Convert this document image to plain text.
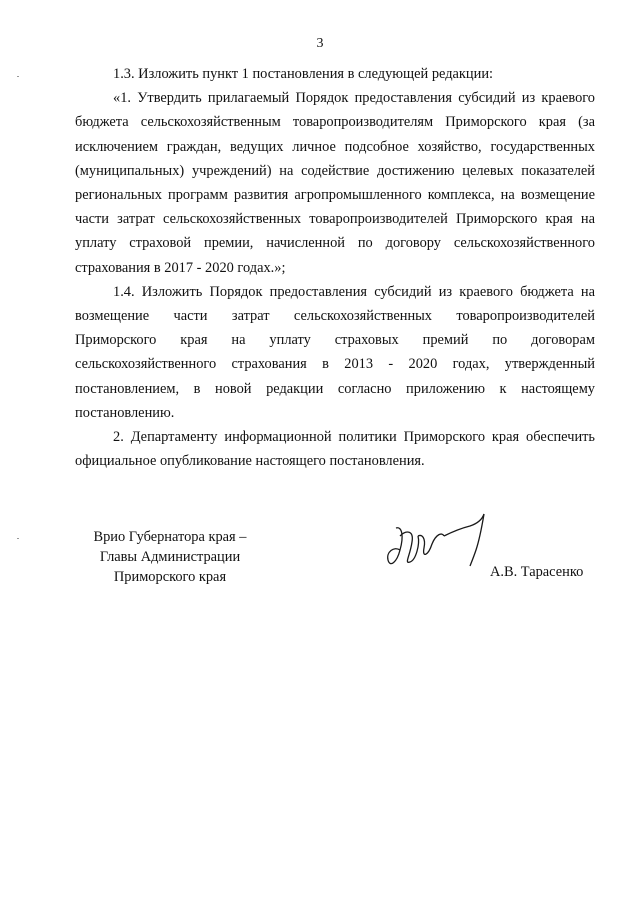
3

1.3. Изложить пункт 1 постановления в следующей редакции:

«1. Утвердить прилагаемый Порядок предоставления субсидий из краевого бюджета сельскохозяйственным товаропроизводителям Приморского края (за исключением граждан, ведущих личное подсобное хозяйство, государственных (муниципальных) учреждений) на содействие достижению целевых показателей региональных программ развития агропромышленного комплекса, на возмещение части затрат сельскохозяйственных товаропроизводителей Приморского края на уплату страховой премии, начисленной по договору сельскохозяйственного страхования в 2017 - 2020 годах.»;

1.4. Изложить Порядок предоставления субсидий из краевого бюджета на возмещение части затрат сельскохозяйственных товаропроизводителей Приморского края на уплату страховых премий по договорам сельскохозяйственного страхования в 2013 - 2020 годах, утвержденный постановлением, в новой редакции согласно приложению к настоящему постановлению.

2. Департаменту информационной политики Приморского края обеспечить официальное опубликование настоящего постановления.

Врио Губернатора края –
Главы Администрации
Приморского края	А.В. Тарасенко
